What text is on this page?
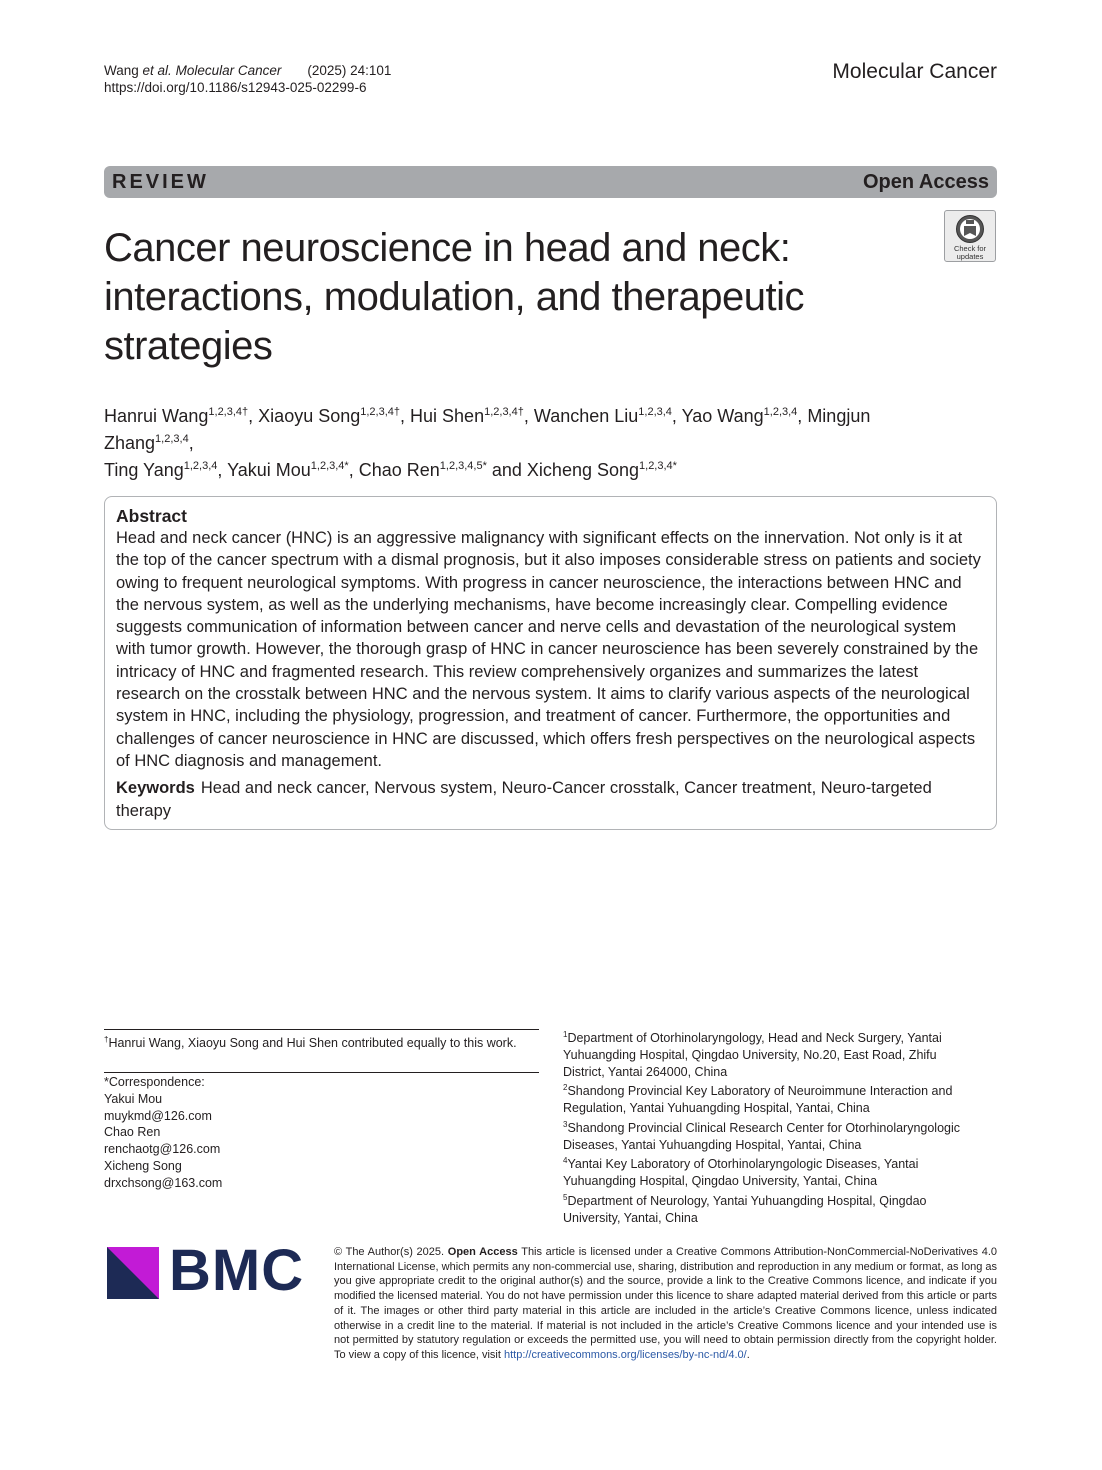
Wang et al. Molecular Cancer (2025) 24:101
https://doi.org/10.1186/s12943-025-02299-6
Molecular Cancer
REVIEW	Open Access
Check for
updates
Cancer neuroscience in head and neck: interactions, modulation, and therapeutic strategies
Hanrui Wang$^{1,2,3,4\dagger}$, Xiaoyu Song$^{1,2,3,4\dagger}$, Hui Shen$^{1,2,3,4\dagger}$, Wanchen Liu$^{1,2,3,4}$, Yao Wang$^{1,2,3,4}$, Mingjun Zhang$^{1,2,3,4}$,
Ting Yang$^{1,2,3,4}$, Yakui Mou$^{1,2,3,4*}$, Chao Ren$^{1,2,3,4,5*}$ and Xicheng Song$^{1,2,3,4*}$
Abstract
Head and neck cancer (HNC) is an aggressive malignancy with significant effects on the innervation. Not only is it at the top of the cancer spectrum with a dismal prognosis, but it also imposes considerable stress on patients and society owing to frequent neurological symptoms. With progress in cancer neuroscience, the interactions between HNC and the nervous system, as well as the underlying mechanisms, have become increasingly clear. Compelling evidence suggests communication of information between cancer and nerve cells and devastation of the neurological system with tumor growth. However, the thorough grasp of HNC in cancer neuroscience has been severely constrained by the intricacy of HNC and fragmented research. This review comprehensively organizes and summarizes the latest research on the crosstalk between HNC and the nervous system. It aims to clarify various aspects of the neurological system in HNC, including the physiology, progression, and treatment of cancer. Furthermore, the opportunities and challenges of cancer neuroscience in HNC are discussed, which offers fresh perspectives on the neurological aspects of HNC diagnosis and management.
Keywords Head and neck cancer, Nervous system, Neuro-Cancer crosstalk, Cancer treatment, Neuro-targeted therapy
†Hanrui Wang, Xiaoyu Song and Hui Shen contributed equally to this work.
*Correspondence:
Yakui Mou
muykmd@126.com
Chao Ren
renchaotg@126.com
Xicheng Song
drxchsong@163.com
$^1$Department of Otorhinolaryngology, Head and Neck Surgery, Yantai Yuhuangding Hospital, Qingdao University, No.20, East Road, Zhifu District, Yantai 264000, China
$^2$Shandong Provincial Key Laboratory of Neuroimmune Interaction and Regulation, Yantai Yuhuangding Hospital, Yantai, China
$^3$Shandong Provincial Clinical Research Center for Otorhinolaryngologic Diseases, Yantai Yuhuangding Hospital, Yantai, China
$^4$Yantai Key Laboratory of Otorhinolaryngologic Diseases, Yantai Yuhuangding Hospital, Qingdao University, Yantai, China
$^5$Department of Neurology, Yantai Yuhuangding Hospital, Qingdao University, Yantai, China
BMC	© The Author(s) 2025. Open Access This article is licensed under a Creative Commons Attribution-NonCommercial-NoDerivatives 4.0 International License, which permits any non-commercial use, sharing, distribution and reproduction in any medium or format, as long as you give appropriate credit to the original author(s) and the source, provide a link to the Creative Commons licence, and indicate if you modified the licensed material. You do not have permission under this licence to share adapted material derived from this article or parts of it. The images or other third party material in this article are included in the article’s Creative Commons licence, unless indicated otherwise in a credit line to the material. If material is not included in the article’s Creative Commons licence and your intended use is not permitted by statutory regulation or exceeds the permitted use, you will need to obtain permission directly from the copyright holder. To view a copy of this licence, visit http://creativecommons.org/licenses/by-nc-nd/4.0/.
